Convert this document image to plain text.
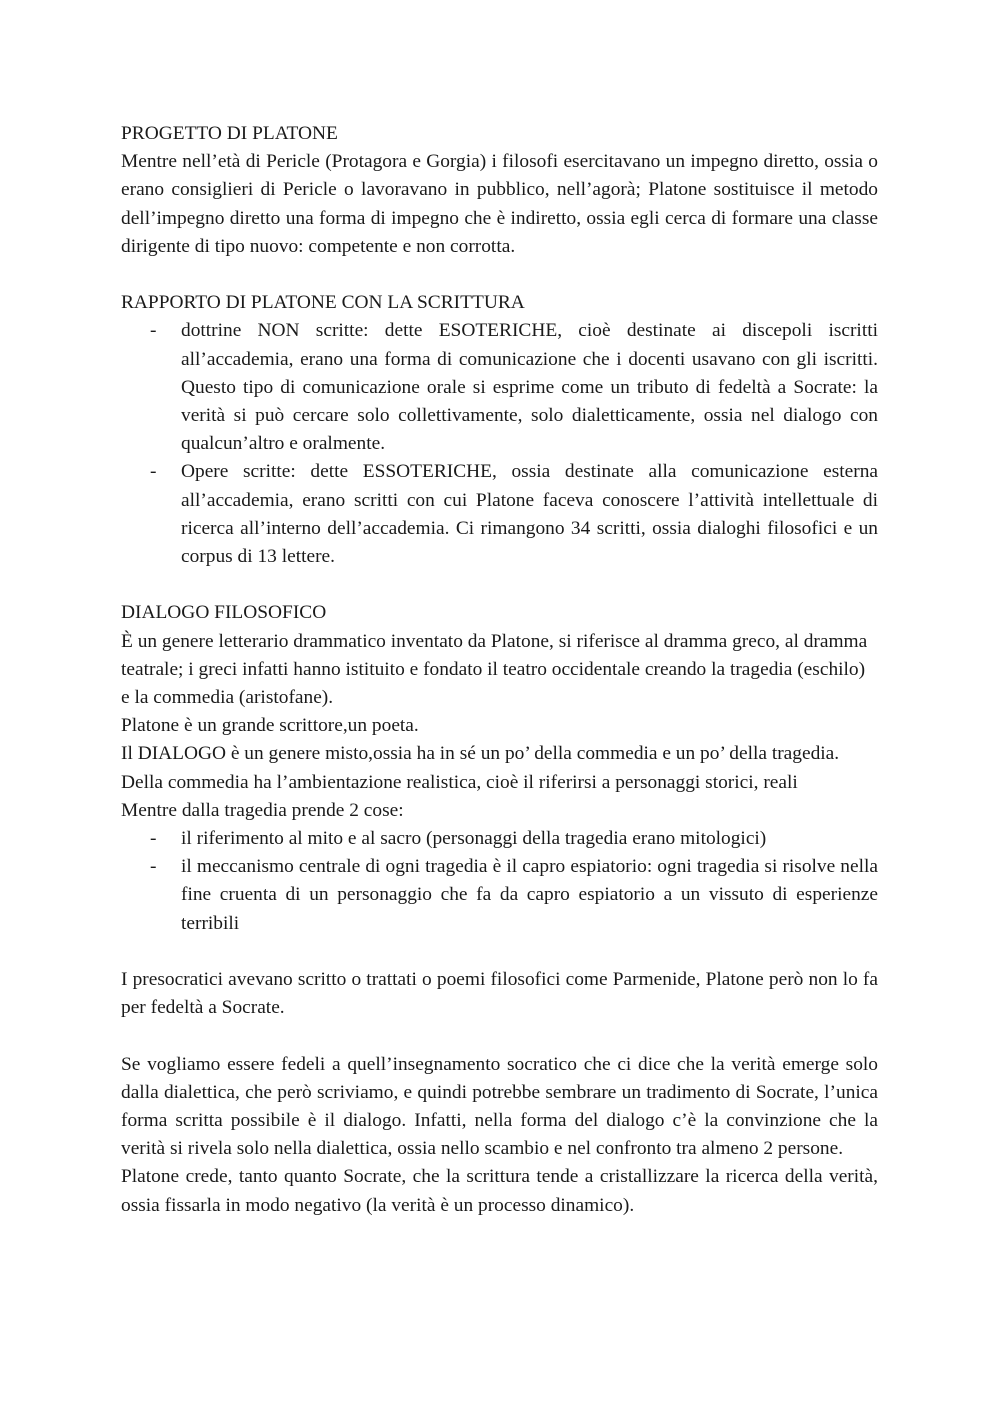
PROGETTO DI PLATONE

Mentre nell’età di Pericle (Protagora e Gorgia) i filosofi esercitavano un impegno diretto, ossia o erano consiglieri di Pericle o lavoravano in pubblico, nell’agorà; Platone sostituisce il metodo dell’impegno diretto una forma di impegno che è indiretto, ossia egli cerca di formare una classe dirigente di tipo nuovo: competente e non corrotta.

RAPPORTO DI PLATONE CON LA SCRITTURA
- dottrine NON scritte: dette ESOTERICHE, cioè destinate ai discepoli iscritti all’accademia, erano una forma di comunicazione che i docenti usavano con gli iscritti. Questo tipo di comunicazione orale si esprime come un tributo di fedeltà a Socrate: la verità si può cercare solo collettivamente, solo dialetticamente, ossia nel dialogo con qualcun’altro e oralmente.
- Opere scritte: dette ESSOTERICHE, ossia destinate alla comunicazione esterna all’accademia, erano scritti con cui Platone faceva conoscere l’attività intellettuale di ricerca all’interno dell’accademia. Ci rimangono 34 scritti, ossia dialoghi filosofici e un corpus di 13 lettere.
DIALOGO FILOSOFICO

È un genere letterario drammatico inventato da Platone, si riferisce al dramma greco, al dramma teatrale; i greci infatti hanno istituito e fondato il teatro occidentale creando la tragedia (eschilo) e la commedia (aristofane).

Platone è un grande scrittore,un poeta.

Il DIALOGO è un genere misto,ossia ha in sé un po’ della commedia e un po’ della tragedia.

Della commedia ha l’ambientazione realistica, cioè il riferirsi a personaggi storici, reali

Mentre dalla tragedia prende 2 cose:

- il riferimento al mito e al sacro (personaggi della tragedia erano mitologici)
- il meccanismo centrale di ogni tragedia è il capro espiatorio: ogni tragedia si risolve nella fine cruenta di un personaggio che fa da capro espiatorio a un vissuto di esperienze terribili

I presocratici avevano scritto o trattati o poemi filosofici come Parmenide, Platone però non lo fa per fedeltà a Socrate.

Se vogliamo essere fedeli a quell’insegnamento socratico che ci dice che la verità emerge solo dalla dialettica, che però scriviamo, e quindi potrebbe sembrare un tradimento di Socrate, l’unica forma scritta possibile è il dialogo. Infatti, nella forma del dialogo c’è la convinzione che la verità si rivela solo nella dialettica, ossia nello scambio e nel confronto tra almeno 2 persone.

Platone crede, tanto quanto Socrate, che la scrittura tende a cristallizzare la ricerca della verità, ossia fissarla in modo negativo (la verità è un processo dinamico).
